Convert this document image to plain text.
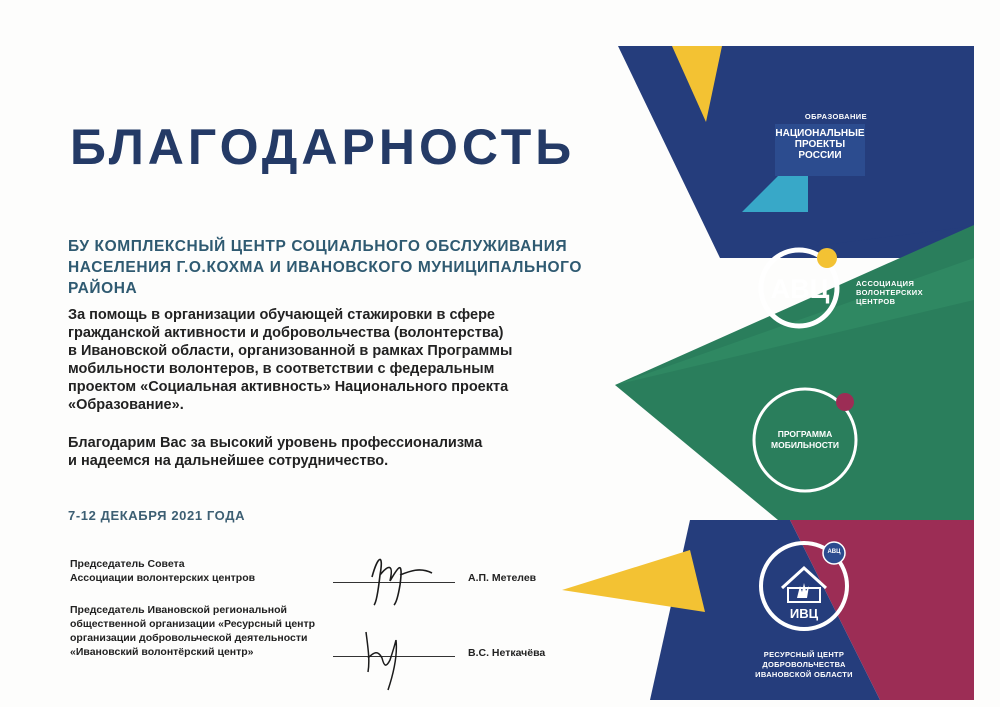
ОБРАЗОВАНИЕ
НАЦИОНАЛЬНЫЕ
ПРОЕКТЫ
РОССИИ
АВЦ	АССОЦИАЦИЯ
ВОЛОНТЕРСКИХ
ЦЕНТРОВ
ПРОГРАММА
МОБИЛЬНОСТИ
АВЦ
ИВЦ
РЕСУРСНЫЙ ЦЕНТР
ДОБРОВОЛЬЧЕСТВА
ИВАНОВСКОЙ ОБЛАСТИ
БЛАГОДАРНОСТЬ
БУ КОМПЛЕКСНЫЙ ЦЕНТР СОЦИАЛЬНОГО ОБСЛУЖИВАНИЯ
НАСЕЛЕНИЯ Г.О.КОХМА И ИВАНОВСКОГО МУНИЦИПАЛЬНОГО
РАЙОНА
За помощь в организации обучающей стажировки в сфере
гражданской активности и добровольчества (волонтерства)
в Ивановской области, организованной в рамках Программы
мобильности волонтеров, в соответствии с федеральным
проектом «Социальная активность» Национального проекта
«Образование».
Благодарим Вас за высокий уровень профессионализма
и надеемся на дальнейшее сотрудничество.
7-12 ДЕКАБРЯ 2021 ГОДА
Председатель Совета
Ассоциации волонтерских центров	А.П. Метелев
Председатель Ивановской региональной
общественной организации «Ресурсный центр
организации добровольческой деятельности
«Ивановский волонтёрский центр»	В.С. Неткачёва
